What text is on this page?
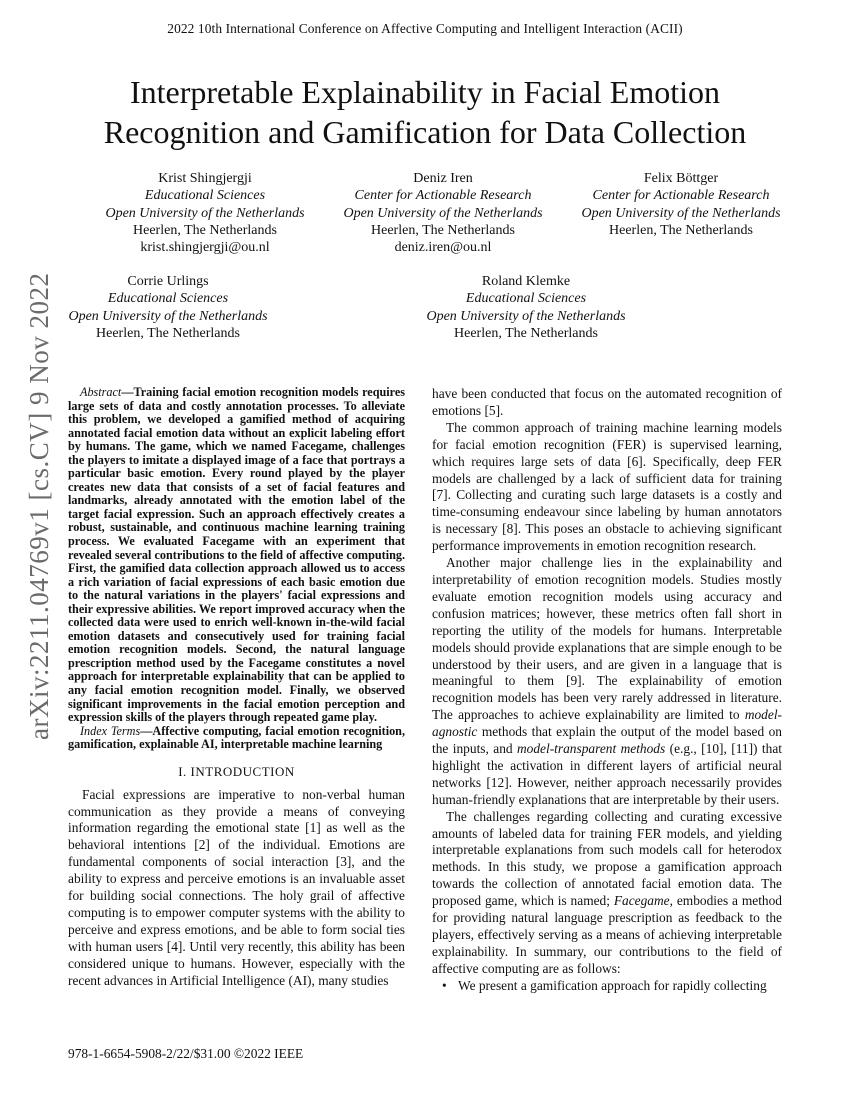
2022 10th International Conference on Affective Computing and Intelligent Interaction (ACII)
Interpretable Explainability in Facial Emotion
Recognition and Gamification for Data Collection
Krist Shingjergji
Educational Sciences
Open University of the Netherlands
Heerlen, The Netherlands
krist.shingjergji@ou.nl
Deniz Iren
Center for Actionable Research
Open University of the Netherlands
Heerlen, The Netherlands
deniz.iren@ou.nl
Felix Böttger
Center for Actionable Research
Open University of the Netherlands
Heerlen, The Netherlands
Corrie Urlings
Educational Sciences
Open University of the Netherlands
Heerlen, The Netherlands
Roland Klemke
Educational Sciences
Open University of the Netherlands
Heerlen, The Netherlands
arXiv:2211.04769v1 [cs.CV] 9 Nov 2022	Abstract—Training facial emotion recognition models requires large sets of data and costly annotation processes. To alleviate this problem, we developed a gamified method of acquiring annotated facial emotion data without an explicit labeling effort by humans. The game, which we named Facegame, challenges the players to imitate a displayed image of a face that portrays a particular basic emotion. Every round played by the player creates new data that consists of a set of facial features and landmarks, already annotated with the emotion label of the target facial expression. Such an approach effectively creates a robust, sustainable, and continuous machine learning training process. We evaluated Facegame with an experiment that revealed several contributions to the field of affective computing. First, the gamified data collection approach allowed us to access a rich variation of facial expressions of each basic emotion due to the natural variations in the players' facial expressions and their expressive abilities. We report improved accuracy when the collected data were used to enrich well-known in-the-wild facial emotion datasets and consecutively used for training facial emotion recognition models. Second, the natural language prescription method used by the Facegame constitutes a novel approach for interpretable explainability that can be applied to any facial emotion recognition model. Finally, we observed significant improvements in the facial emotion perception and expression skills of the players through repeated game play.

Index Terms—Affective computing, facial emotion recognition, gamification, explainable AI, interpretable machine learning

I. INTRODUCTION

Facial expressions are imperative to non-verbal human communication as they provide a means of conveying information regarding the emotional state [1] as well as the behavioral intentions [2] of the individual. Emotions are fundamental components of social interaction [3], and the ability to express and perceive emotions is an invaluable asset for building social connections. The holy grail of affective computing is to empower computer systems with the ability to perceive and express emotions, and be able to form social ties with human users [4]. Until very recently, this ability has been considered unique to humans. However, especially with the recent advances in Artificial Intelligence (AI), many studies

have been conducted that focus on the automated recognition of emotions [5].

The common approach of training machine learning models for facial emotion recognition (FER) is supervised learning, which requires large sets of data [6]. Specifically, deep FER models are challenged by a lack of sufficient data for training [7]. Collecting and curating such large datasets is a costly and time-consuming endeavour since labeling by human annotators is necessary [8]. This poses an obstacle to achieving significant performance improvements in emotion recognition research.

Another major challenge lies in the explainability and interpretability of emotion recognition models. Studies mostly evaluate emotion recognition models using accuracy and confusion matrices; however, these metrics often fall short in reporting the utility of the models for humans. Interpretable models should provide explanations that are simple enough to be understood by their users, and are given in a language that is meaningful to them [9]. The explainability of emotion recognition models has been very rarely addressed in literature. The approaches to achieve explainability are limited to model-agnostic methods that explain the output of the model based on the inputs, and model-transparent methods (e.g., [10], [11]) that highlight the activation in different layers of artificial neural networks [12]. However, neither approach necessarily provides human-friendly explanations that are interpretable by their users.

The challenges regarding collecting and curating excessive amounts of labeled data for training FER models, and yielding interpretable explanations from such models call for heterodox methods. In this study, we propose a gamification approach towards the collection of annotated facial emotion data. The proposed game, which is named; Facegame, embodies a method for providing natural language prescription as feedback to the players, effectively serving as a means of achieving interpretable explainability. In summary, our contributions to the field of affective computing are as follows:

• We present a gamification approach for rapidly collecting
978-1-6654-5908-2/22/$31.00 ©2022 IEEE
